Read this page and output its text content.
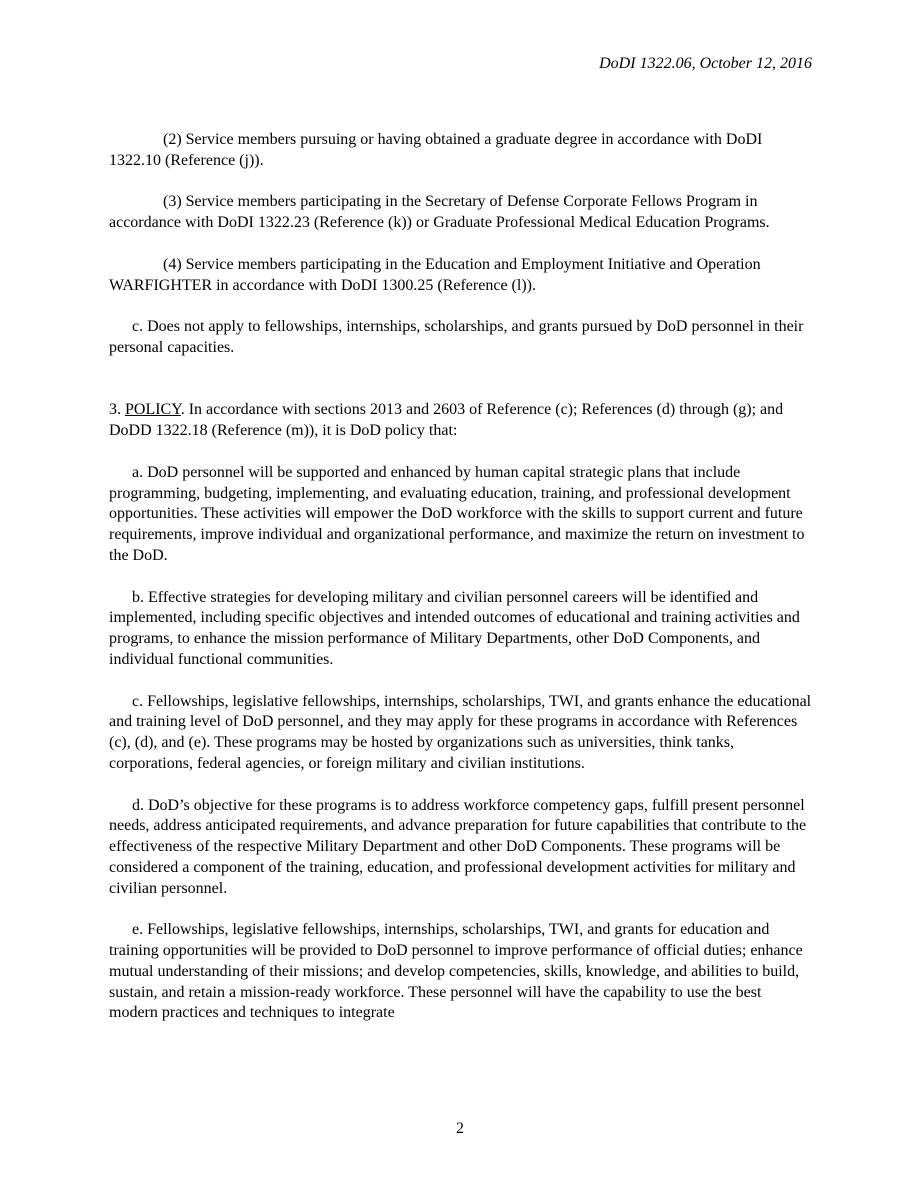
DoDI 1322.06, October 12, 2016

(2) Service members pursuing or having obtained a graduate degree in accordance with DoDI 1322.10 (Reference (j)).

(3) Service members participating in the Secretary of Defense Corporate Fellows Program in accordance with DoDI 1322.23 (Reference (k)) or Graduate Professional Medical Education Programs.

(4) Service members participating in the Education and Employment Initiative and Operation WARFIGHTER in accordance with DoDI 1300.25 (Reference (l)).

c. Does not apply to fellowships, internships, scholarships, and grants pursued by DoD personnel in their personal capacities.

3. POLICY. In accordance with sections 2013 and 2603 of Reference (c); References (d) through (g); and DoDD 1322.18 (Reference (m)), it is DoD policy that:

a. DoD personnel will be supported and enhanced by human capital strategic plans that include programming, budgeting, implementing, and evaluating education, training, and professional development opportunities. These activities will empower the DoD workforce with the skills to support current and future requirements, improve individual and organizational performance, and maximize the return on investment to the DoD.

b. Effective strategies for developing military and civilian personnel careers will be identified and implemented, including specific objectives and intended outcomes of educational and training activities and programs, to enhance the mission performance of Military Departments, other DoD Components, and individual functional communities.

c. Fellowships, legislative fellowships, internships, scholarships, TWI, and grants enhance the educational and training level of DoD personnel, and they may apply for these programs in accordance with References (c), (d), and (e). These programs may be hosted by organizations such as universities, think tanks, corporations, federal agencies, or foreign military and civilian institutions.

d. DoD’s objective for these programs is to address workforce competency gaps, fulfill present personnel needs, address anticipated requirements, and advance preparation for future capabilities that contribute to the effectiveness of the respective Military Department and other DoD Components. These programs will be considered a component of the training, education, and professional development activities for military and civilian personnel.

e. Fellowships, legislative fellowships, internships, scholarships, TWI, and grants for education and training opportunities will be provided to DoD personnel to improve performance of official duties; enhance mutual understanding of their missions; and develop competencies, skills, knowledge, and abilities to build, sustain, and retain a mission-ready workforce. These personnel will have the capability to use the best modern practices and techniques to integrate

2
